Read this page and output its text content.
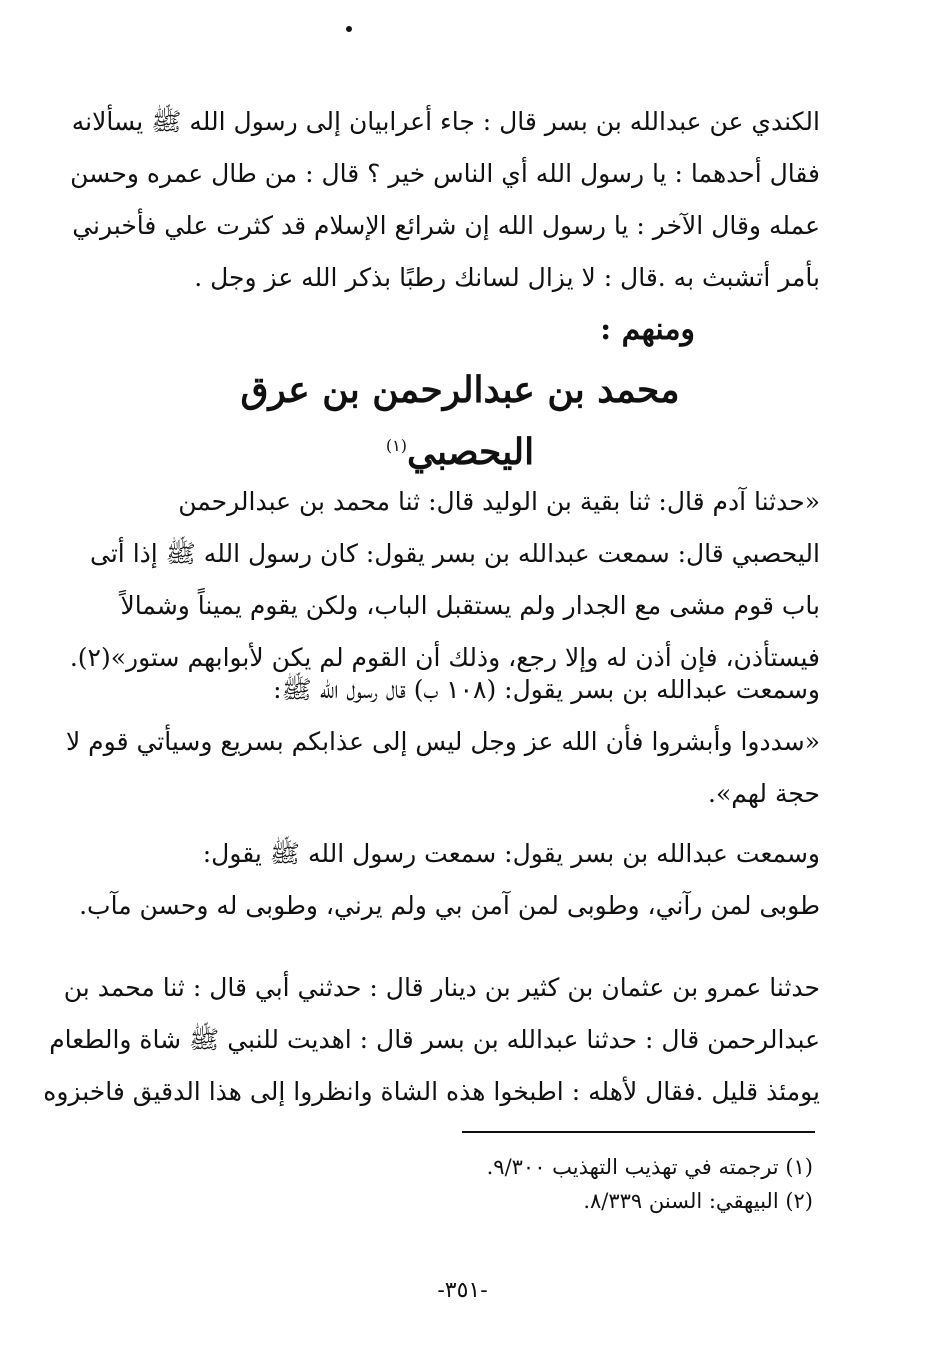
الكندي عن عبدالله بن بسر قال : جاء أعرابيان إلى رسول الله ﷺ يسألانه
فقال أحدهما : يا رسول الله أي الناس خير ؟ قال : من طال عمره وحسن
عمله وقال الآخر : يا رسول الله إن شرائع الإسلام قد كثرت علي فأخبرني
بأمر أتشبث به .قال : لا يزال لسانك رطبًا بذكر الله عز وجل .
ومنهم :
محمد بن عبدالرحمن بن عرق اليحصبي$^{(١)}$
«حدثنا آدم قال: ثنا بقية بن الوليد قال: ثنا محمد بن عبدالرحمن
اليحصبي قال: سمعت عبدالله بن بسر يقول: كان رسول الله ﷺ إذا أتى
باب قوم مشى مع الجدار ولم يستقبل الباب، ولكن يقوم يميناً وشمالاً
فيستأذن، فإن أذن له وإلا رجع، وذلك أن القوم لم يكن لأبوابهم ستور»(٢).
وسمعت عبدالله بن بسر يقول: (١٠٨ ب) قال رسول الله ﷺ:
«سددوا وأبشروا فأن الله عز وجل ليس إلى عذابكم بسريع وسيأتي قوم لا
حجة لهم».
وسمعت عبدالله بن بسر يقول: سمعت رسول الله ﷺ يقول:
طوبى لمن رآني، وطوبى لمن آمن بي ولم يرني، وطوبى له وحسن مآب.
حدثنا عمرو بن عثمان بن كثير بن دينار قال : حدثني أبي قال : ثنا محمد بن
عبدالرحمن قال : حدثنا عبدالله بن بسر قال : اهديت للنبي ﷺ شاة والطعام
يومئذ قليل .فقال لأهله : اطبخوا هذه الشاة وانظروا إلى هذا الدقيق فاخبزوه
(١) ترجمته في تهذيب التهذيب ٩/٣٠٠.
(٢) البيهقي: السنن ٨/٣٣٩.
-٣٥١-
